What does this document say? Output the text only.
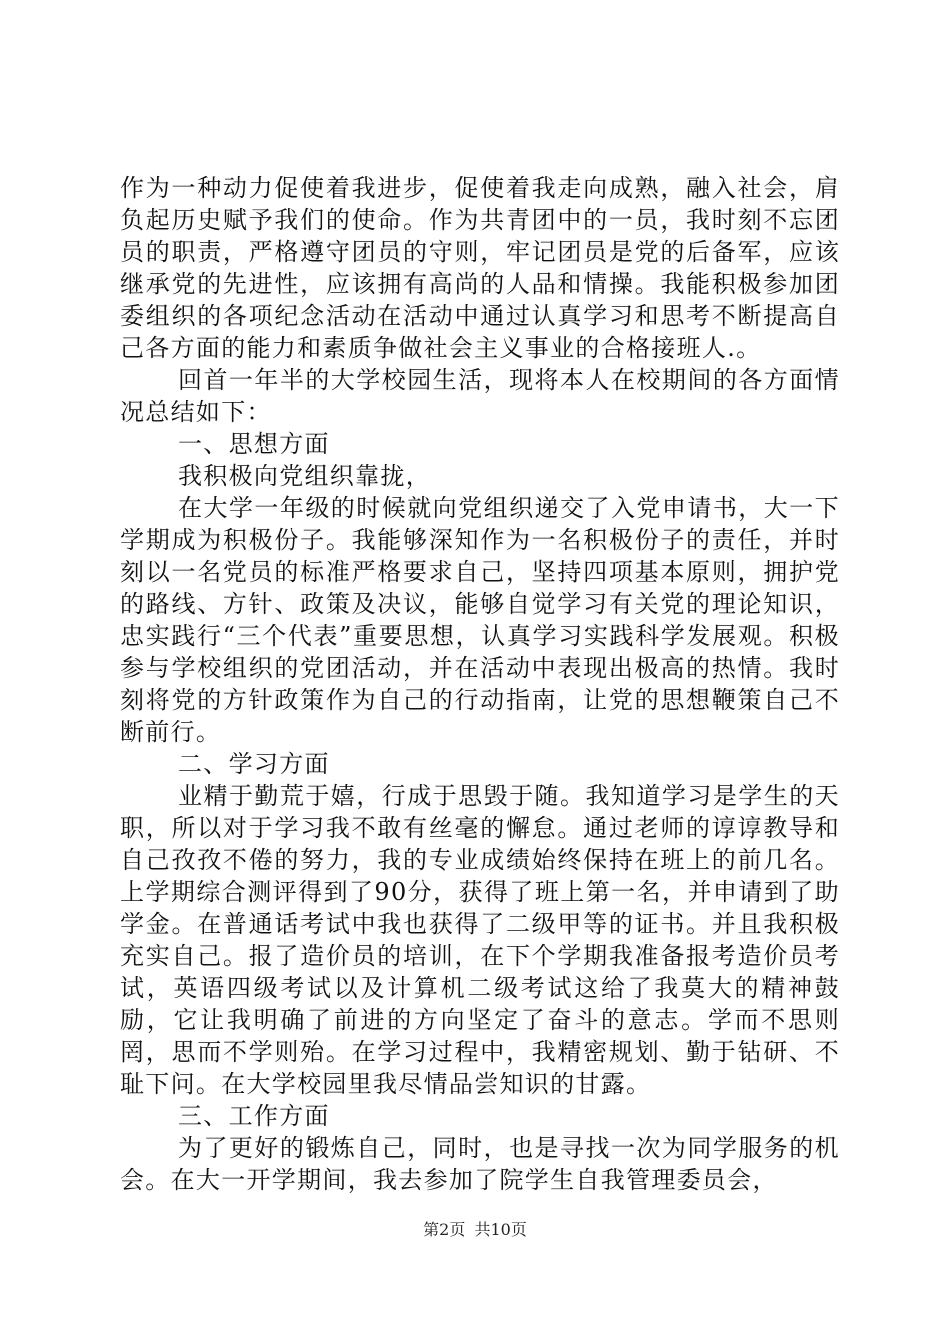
作为一种动力促使着我进步，促使着我走向成熟，融入社会，肩负起历史赋予我们的使命。作为共青团中的一员，我时刻不忘团员的职责，严格遵守团员的守则，牢记团员是党的后备军，应该继承党的先进性，应该拥有高尚的人品和情操。我能积极参加团委组织的各项纪念活动在活动中通过认真学习和思考不断提高自己各方面的能力和素质争做社会主义事业的合格接班人.。

回首一年半的大学校园生活，现将本人在校期间的各方面情况总结如下：

一、思想方面

我积极向党组织靠拢，

在大学一年级的时候就向党组织递交了入党申请书，大一下学期成为积极份子。我能够深知作为一名积极份子的责任，并时刻以一名党员的标准严格要求自己，坚持四项基本原则，拥护党的路线、方针、政策及决议，能够自觉学习有关党的理论知识，忠实践行“三个代表”重要思想，认真学习实践科学发展观。积极参与学校组织的党团活动，并在活动中表现出极高的热情。我时刻将党的方针政策作为自己的行动指南，让党的思想鞭策自己不断前行。

二、学习方面

业精于勤荒于嬉，行成于思毁于随。我知道学习是学生的天职，所以对于学习我不敢有丝毫的懈怠。通过老师的谆谆教导和自己孜孜不倦的努力，我的专业成绩始终保持在班上的前几名。上学期综合测评得到了90分，获得了班上第一名，并申请到了助学金。在普通话考试中我也获得了二级甲等的证书。并且我积极充实自己。报了造价员的培训，在下个学期我准备报考造价员考试，英语四级考试以及计算机二级考试这给了我莫大的精神鼓励，它让我明确了前进的方向坚定了奋斗的意志。学而不思则罔，思而不学则殆。在学习过程中，我精密规划、勤于钻研、不耻下问。在大学校园里我尽情品尝知识的甘露。

三、工作方面

为了更好的锻炼自己，同时，也是寻找一次为同学服务的机会。在大一开学期间，我去参加了院学生自我管理委员会，

第2页 共10页
